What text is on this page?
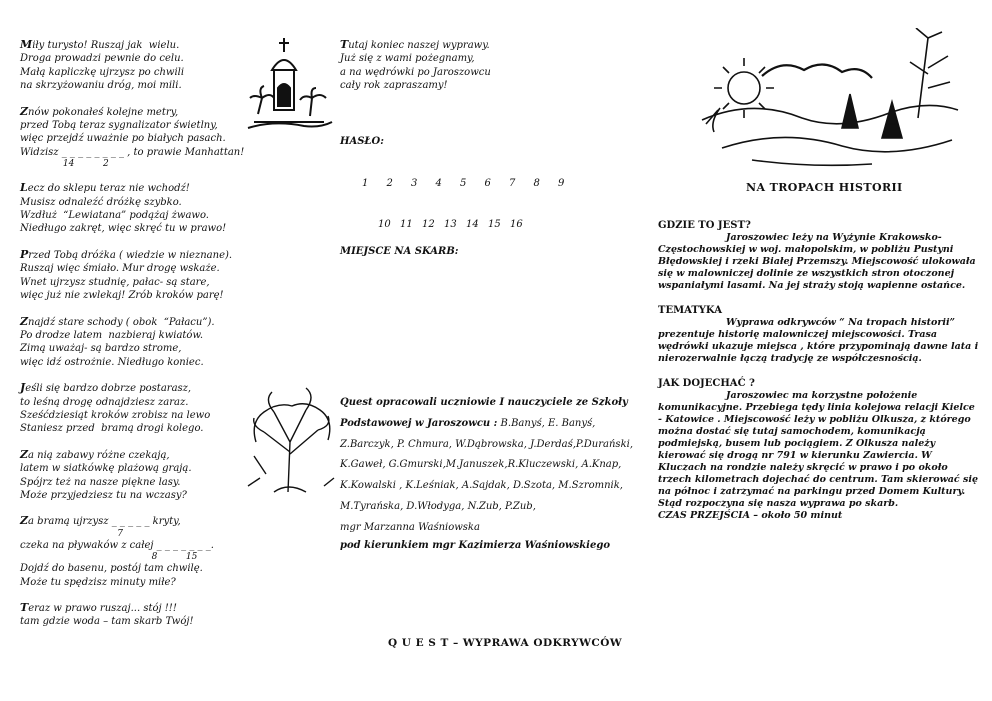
Miły turysto! Ruszaj jak  wielu.

Droga prowadzi pewnie do celu.

Małą kapliczkę ujrzysz po chwili

na skrzyżowaniu dróg, moi mili.

Znów pokonałeś kolejne metry,

przed Tobą teraz sygnalizator świetlny,

więc przejdź uważnie po białych pasach.

Widzisz _ _ _ _ _ _ _ _ , to prawie Manhattan!

14          2

Lecz do sklepu teraz nie wchodź!

Musisz odnaleźć dróżkę szybko.

Wzdłuż  “Lewiatana” podążaj żwawo.

Niedługo zakręt, więc skręć tu w prawo!

Przed Tobą dróżka ( wiedzie w nieznane).

Ruszaj więc śmiało. Mur drogę wskaże.

Wnet ujrzysz studnię, pałac- są stare,

więc już nie zwlekaj! Zrób kroków parę!

Znajdź stare schody ( obok  “Pałacu”).

Po drodze latem  nazbieraj kwiatów.

Zimą uważaj- są bardzo strome,

więc idź ostrożnie. Niedługo koniec.

Jeśli się bardzo dobrze postarasz,

to leśną drogę odnajdziesz zaraz.

Sześćdziesiąt kroków zrobisz na lewo

Staniesz przed  bramą drogi kolego.

Za nią zabawy różne czekają,

latem w siatkówkę plażową grają.

Spójrz też na nasze piękne lasy.

Może przyjedziesz tu na wczasy?

Za bramą ujrzysz _ _ _ _ _ kryty,

7

czeka na pływaków z całej _ _ _ _ _ _ _.

8          15

Dojdź do basenu, postój tam chwilę.

Może tu spędzisz minuty miłe?

Teraz w prawo ruszaj... stój !!!

tam gdzie woda – tam skarb Twój!

Tutaj koniec naszej wyprawy.

Już się z wami pożegnamy,

a na wędrówki po Jaroszowcu

cały rok zapraszamy!

HASŁO:
1 2 3 4 5 6 7 8 9
10 11 12 13 14 15 16
MIEJSCE NA SKARB:
Quest opracowali uczniowie I nauczyciele ze Szkoły Podstawowej w Jaroszowcu : B.Banyś, E. Banyś, Z.Barczyk, P. Chmura, W.Dąbrowska, J.Derdaś,P.Durański, K.Gaweł, G.Gmurski,M.Januszek,R.Kluczewski, A.Knap, K.Kowalski , K.Leśniak, A.Sajdak, D.Szota, M.Szromnik, M.Tyrańska, D.Włodyga, N.Zub, P.Zub,
mgr Marzanna Waśniowska
pod kierunkiem mgr Kazimierza Waśniowskiego
Q U E S T – WYPRAWA ODKRYWCÓW
NA TROPACH HISTORII
GDZIE TO JEST?

Jaroszowiec leży na Wyżynie Krakowsko-Częstochowskiej w woj. małopolskim, w pobliżu Pustyni Błędowskiej i rzeki Białej Przemszy. Miejscowość ulokowała się w malowniczej dolinie ze wszystkich stron otoczonej wspaniałymi lasami. Na jej straży stoją wapienne ostańce.

TEMATYKA

Wyprawa odkrywców “ Na tropach historii” prezentuje historię malowniczej miejscowości. Trasa wędrówki ukazuje miejsca , które przypominają dawne lata i nierozerwalnie łączą tradycję ze współczesnością.

JAK DOJECHAĆ ?

Jaroszowiec ma korzystne położenie komunikacyjne. Przebiega tędy linia kolejowa relacji Kielce - Katowice . Miejscowość leży w pobliżu Olkusza, z którego można dostać się tutaj samochodem, komunikacją podmiejską, busem lub pociągiem. Z Olkusza należy kierować się drogą nr 791 w kierunku Zawiercia. W Kluczach na rondzie należy skręcić w prawo i po około trzech kilometrach dojechać do centrum. Tam skierować się na północ i zatrzymać na parkingu przed Domem Kultury. Stąd rozpoczyna się nasza wyprawa po skarb.

CZAS PRZEJŚCIA – około 50 minut
